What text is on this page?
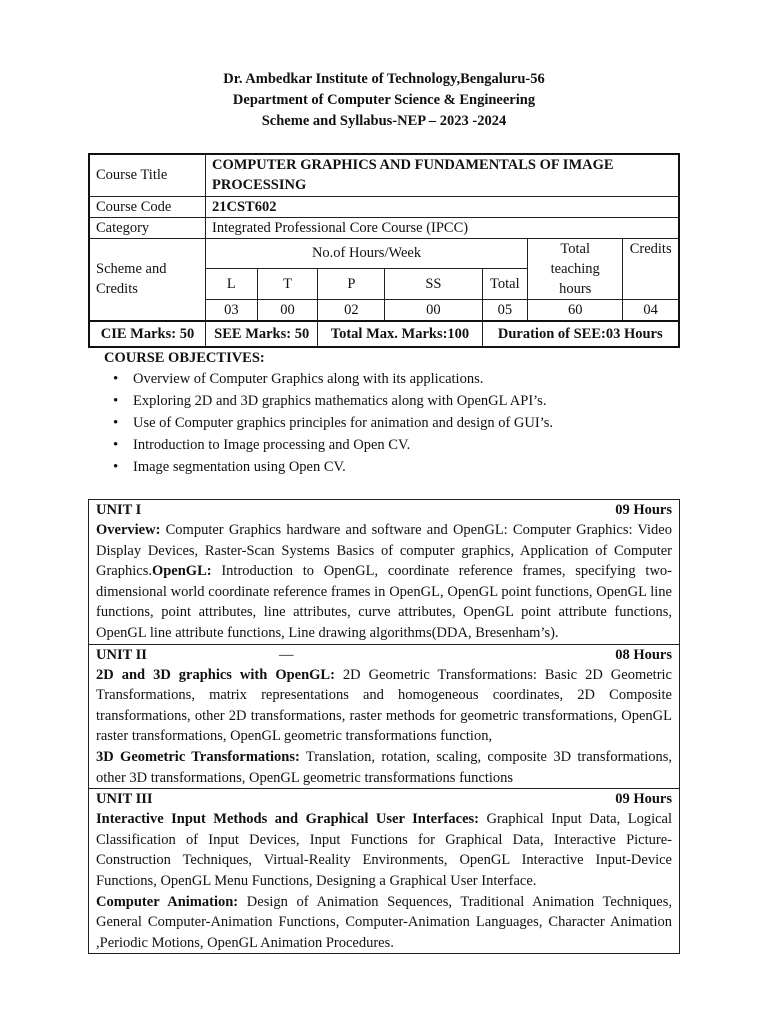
Dr. Ambedkar Institute of Technology,Bengaluru-56
Department of Computer Science & Engineering
Scheme and Syllabus-NEP – 2023 -2024
Course Title	COMPUTER GRAPHICS AND FUNDAMENTALS OF IMAGE PROCESSING						
Course Code	21CST602						
Category	Integrated Professional Core Course (IPCC)						
Scheme and Credits	No.of Hours/Week					Total teaching hours	Credits
	L	T	P	SS	Total		
	03	00	02	00	05	60	04
CIE Marks: 50	SEE Marks: 50		Total Max. Marks:100		Duration of SEE:03 Hours		
COURSE OBJECTIVES:
• Overview of Computer Graphics along with its applications.
• Exploring 2D and 3D graphics mathematics along with OpenGL API’s.
• Use of Computer graphics principles for animation and design of GUI’s.
• Introduction to Image processing and Open CV.
• Image segmentation using Open CV.
UNIT I	09 Hours

Overview: Computer Graphics hardware and software and OpenGL: Computer Graphics: Video Display Devices, Raster-Scan Systems Basics of computer graphics, Application of Computer Graphics.OpenGL: Introduction to OpenGL, coordinate reference frames, specifying two-dimensional world coordinate reference frames in OpenGL, OpenGL point functions, OpenGL line functions, point attributes, line attributes, curve attributes, OpenGL point attribute functions, OpenGL line attribute functions, Line drawing algorithms(DDA, Bresenham’s).

UNIT II	—	08 Hours

2D and 3D graphics with OpenGL: 2D Geometric Transformations: Basic 2D Geometric Transformations, matrix representations and homogeneous coordinates, 2D Composite transformations, other 2D transformations, raster methods for geometric transformations, OpenGL raster transformations, OpenGL geometric transformations function,

3D Geometric Transformations: Translation, rotation, scaling, composite 3D transformations, other 3D transformations, OpenGL geometric transformations functions

UNIT III	09 Hours

Interactive Input Methods and Graphical User Interfaces: Graphical Input Data, Logical Classification of Input Devices, Input Functions for Graphical Data, Interactive Picture-Construction Techniques, Virtual-Reality Environments, OpenGL Interactive Input-Device Functions, OpenGL Menu Functions, Designing a Graphical User Interface.

Computer Animation: Design of Animation Sequences, Traditional Animation Techniques, General Computer-Animation Functions, Computer-Animation Languages, Character Animation ,Periodic Motions, OpenGL Animation Procedures.
